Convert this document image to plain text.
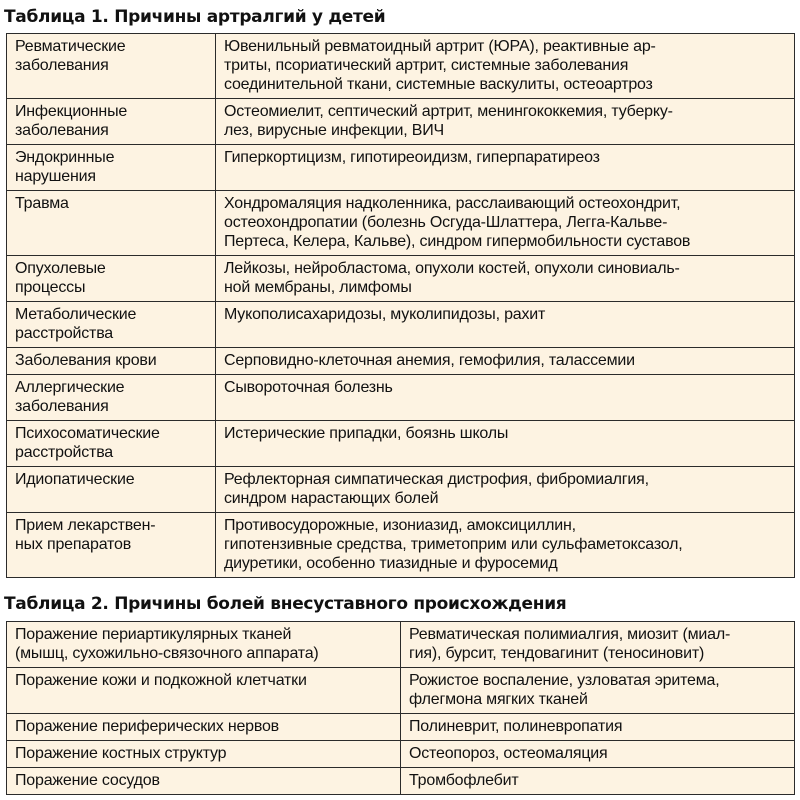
Таблица 1. Причины артралгий у детей
Ревматические
заболевания	Ювенильный ревматоидный артрит (ЮРА), реактивные ар-
триты, псориатический артрит, системные заболевания
соединительной ткани, системные васкулиты, остеоартроз

Инфекционные
заболевания	Остеомиелит, септический артрит, менингококкемия, туберку-
лез, вирусные инфекции, ВИЧ

Эндокринные
нарушения	Гиперкортицизм, гипотиреоидизм, гиперпаратиреоз

Травма	Хондромаляция надколенника, расслаивающий остеохондрит,
остеохондропатии (болезнь Осгуда-Шлаттера, Легга-Кальве-
Пертеса, Келера, Кальве), синдром гипермобильности суставов

Опухолевые
процессы	Лейкозы, нейробластома, опухоли костей, опухоли синовиаль-
ной мембраны, лимфомы

Метаболические
расстройства	Мукополисахаридозы, муколипидозы, рахит

Заболевания крови	Серповидно-клеточная анемия, гемофилия, талассемии

Аллергические
заболевания	Сывороточная болезнь

Психосоматические
расстройства	Истерические припадки, боязнь школы

Идиопатические	Рефлекторная симпатическая дистрофия, фибромиалгия,
синдром нарастающих болей

Прием лекарствен-
ных препаратов	Противосудорожные, изониазид, амоксициллин,
гипотензивные средства, триметоприм или сульфаметоксазол,
диуретики, особенно тиазидные и фуросемид
Таблица 2. Причины болей внесуставного происхождения
Поражение периартикулярных тканей
(мышц, сухожильно-связочного аппарата)	Ревматическая полимиалгия, миозит (миал-
гия), бурсит, тендовагинит (теносиновит)

Поражение кожи и подкожной клетчатки	Рожистое воспаление, узловатая эритема,
флегмона мягких тканей

Поражение периферических нервов	Полиневрит, полиневропатия

Поражение костных структур	Остеопороз, остеомаляция

Поражение сосудов	Тромбофлебит
